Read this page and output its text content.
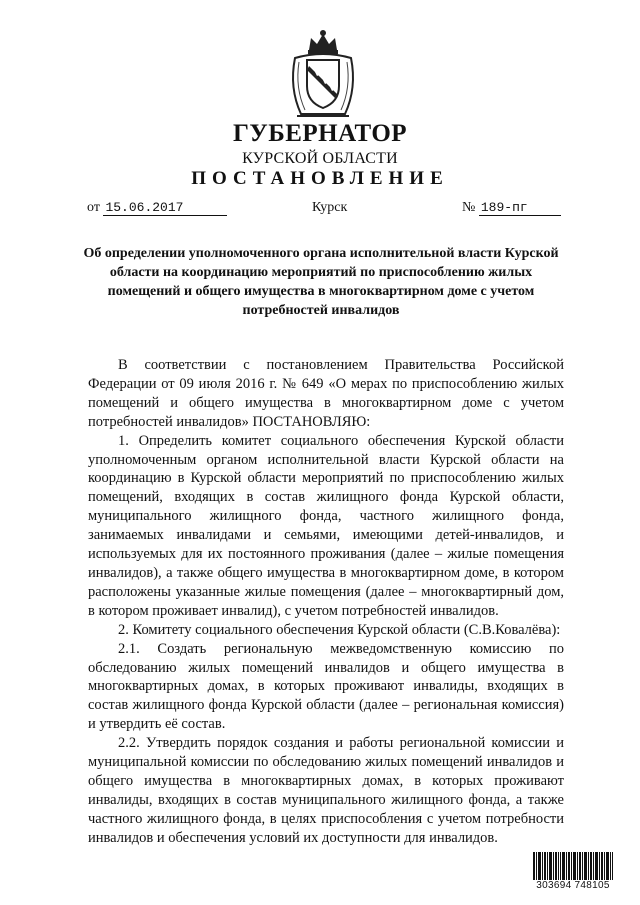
ГУБЕРНАТОР
КУРСКОЙ ОБЛАСТИ
ПОСТАНОВЛЕНИЕ
от 15.06.2017	Курск	№ 189-пг
Об определении уполномоченного органа исполнительной власти Курской области на координацию мероприятий по приспособлению жилых помещений и общего имущества в многоквартирном доме с учетом потребностей инвалидов

В соответствии с постановлением Правительства Российской Федерации от 09 июля 2016 г. № 649 «О мерах по приспособлению жилых помещений и общего имущества в многоквартирном доме с учетом потребностей инвалидов» ПОСТАНОВЛЯЮ:

1. Определить комитет социального обеспечения Курской области уполномоченным органом исполнительной власти Курской области на координацию в Курской области мероприятий по приспособлению жилых помещений, входящих в состав жилищного фонда Курской области, муниципального жилищного фонда, частного жилищного фонда, занимаемых инвалидами и семьями, имеющими детей-инвалидов, и используемых для их постоянного проживания (далее – жилые помещения инвалидов), а также общего имущества в многоквартирном доме, в котором расположены указанные жилые помещения (далее – многоквартирный дом, в котором проживает инвалид), с учетом потребностей инвалидов.

2. Комитету социального обеспечения Курской области (С.В.Ковалёва):

2.1. Создать региональную межведомственную комиссию по обследованию жилых помещений инвалидов и общего имущества в многоквартирных домах, в которых проживают инвалиды, входящих в состав жилищного фонда Курской области (далее – региональная комиссия) и утвердить её состав.

2.2. Утвердить порядок создания и работы региональной комиссии и муниципальной комиссии по обследованию жилых помещений инвалидов и общего имущества в многоквартирных домах, в которых проживают инвалиды, входящих в состав муниципального жилищного фонда, а также частного жилищного фонда, в целях приспособления с учетом потребности инвалидов и обеспечения условий их доступности для инвалидов.

303694 748105
